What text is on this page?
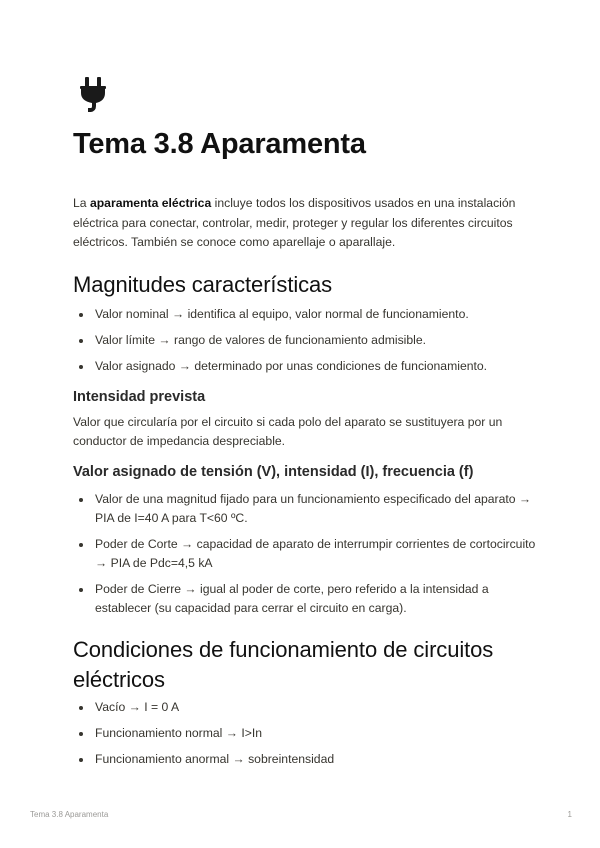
Tema 3.8 Aparamenta

La aparamenta eléctrica incluye todos los dispositivos usados en una instalación eléctrica para conectar, controlar, medir, proteger y regular los diferentes circuitos eléctricos. También se conoce como aparellaje o aparallaje.

Magnitudes características
Valor nominal → identifica al equipo, valor normal de funcionamiento.
Valor límite → rango de valores de funcionamiento admisible.
Valor asignado → determinado por unas condiciones de funcionamiento.
Intensidad prevista

Valor que circularía por el circuito si cada polo del aparato se sustituyera por un conductor de impedancia despreciable.

Valor asignado de tensión (V), intensidad (I), frecuencia (f)
Valor de una magnitud fijado para un funcionamiento especificado del aparato → PIA de I=40 A para T<60 ºC.
Poder de Corte → capacidad de aparato de interrumpir corrientes de cortocircuito → PIA de Pdc=4,5 kA
Poder de Cierre → igual al poder de corte, pero referido a la intensidad a establecer (su capacidad para cerrar el circuito en carga).
Condiciones de funcionamiento de circuitos eléctricos
Vacío → I = 0 A
Funcionamiento normal → I>In
Funcionamiento anormal → sobreintensidad
Tema 3.8 Aparamenta	1
